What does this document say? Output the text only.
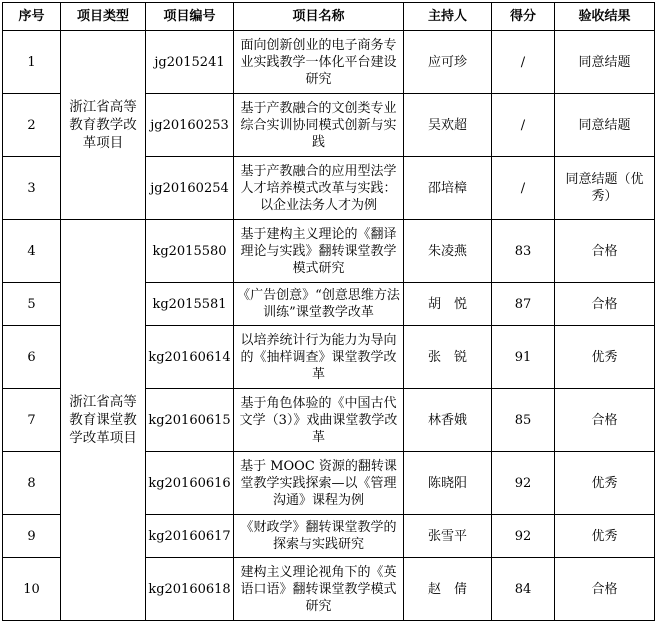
序号	项目类型	项目编号	项目名称	主持人	得分	验收结果
1	浙江省高等教育教学改革项目	jg2015241	面向创新创业的电子商务专业实践教学一体化平台建设研究	应可珍	/	同意结题
2		jg20160253	基于产教融合的文创类专业综合实训协同模式创新与实践	吴欢超	/	同意结题
3		jg20160254	基于产教融合的应用型法学人才培养模式改革与实践：以企业法务人才为例	邵培樟	/	同意结题（优秀）
4	浙江省高等教育课堂教学改革项目	kg2015580	基于建构主义理论的《翻译理论与实践》翻转课堂教学模式研究	朱凌燕	83	合格
5		kg2015581	《广告创意》“创意思维方法训练”课堂教学改革	胡　悦	87	合格
6		kg20160614	以培养统计行为能力为导向的《抽样调查》课堂教学改革	张　锐	91	优秀
7		kg20160615	基于角色体验的《中国古代文学（3）》戏曲课堂教学改革	林香娥	85	合格
8		kg20160616	基于 MOOC 资源的翻转课堂教学实践探索—以《管理沟通》课程为例	陈晓阳	92	优秀
9		kg20160617	《财政学》翻转课堂教学的探索与实践研究	张雪平	92	优秀
10		kg20160618	建构主义理论视角下的《英语口语》翻转课堂教学模式研究	赵　倩	84	合格
